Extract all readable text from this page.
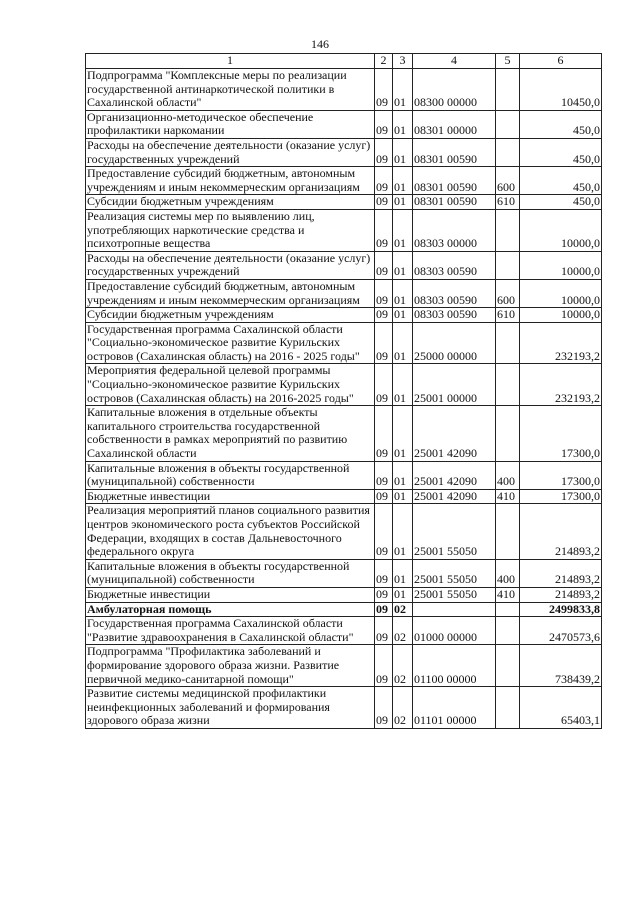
146
1	2	3	4	5	6
Подпрограмма "Комплексные меры по реализации государственной антинаркотической политики в Сахалинской области"	09	01	08300 00000		10450,0
Организационно-методическое обеспечение профилактики наркомании	09	01	08301 00000		450,0
Расходы на обеспечение деятельности (оказание услуг) государственных учреждений	09	01	08301 00590		450,0
Предоставление субсидий бюджетным, автономным учреждениям и иным некоммерческим организациям	09	01	08301 00590	600	450,0
Субсидии бюджетным учреждениям	09	01	08301 00590	610	450,0
Реализация системы мер по выявлению лиц, употребляющих наркотические средства и психотропные вещества	09	01	08303 00000		10000,0
Расходы на обеспечение деятельности (оказание услуг) государственных учреждений	09	01	08303 00590		10000,0
Предоставление субсидий бюджетным, автономным учреждениям и иным некоммерческим организациям	09	01	08303 00590	600	10000,0
Субсидии бюджетным учреждениям	09	01	08303 00590	610	10000,0
Государственная программа Сахалинской области "Социально-экономическое развитие Курильских островов (Сахалинская область) на 2016 - 2025 годы"	09	01	25000 00000		232193,2
Мероприятия федеральной целевой программы "Социально-экономическое развитие Курильских островов (Сахалинская область) на 2016-2025 годы"	09	01	25001 00000		232193,2
Капитальные вложения в отдельные объекты капитального строительства государственной собственности в рамках мероприятий по развитию Сахалинской области	09	01	25001 42090		17300,0
Капитальные вложения в объекты государственной (муниципальной) собственности	09	01	25001 42090	400	17300,0
Бюджетные инвестиции	09	01	25001 42090	410	17300,0
Реализация мероприятий планов социального развития центров экономического роста субъектов Российской Федерации, входящих в состав Дальневосточного федерального округа	09	01	25001 55050		214893,2
Капитальные вложения в объекты государственной (муниципальной) собственности	09	01	25001 55050	400	214893,2
Бюджетные инвестиции	09	01	25001 55050	410	214893,2
Амбулаторная помощь	09	02			2499833,8
Государственная программа Сахалинской области "Развитие здравоохранения в Сахалинской области"	09	02	01000 00000		2470573,6
Подпрограмма "Профилактика заболеваний и формирование здорового образа жизни. Развитие первичной медико-санитарной помощи"	09	02	01100 00000		738439,2
Развитие системы медицинской профилактики неинфекционных заболеваний и формирования здорового образа жизни	09	02	01101 00000		65403,1
